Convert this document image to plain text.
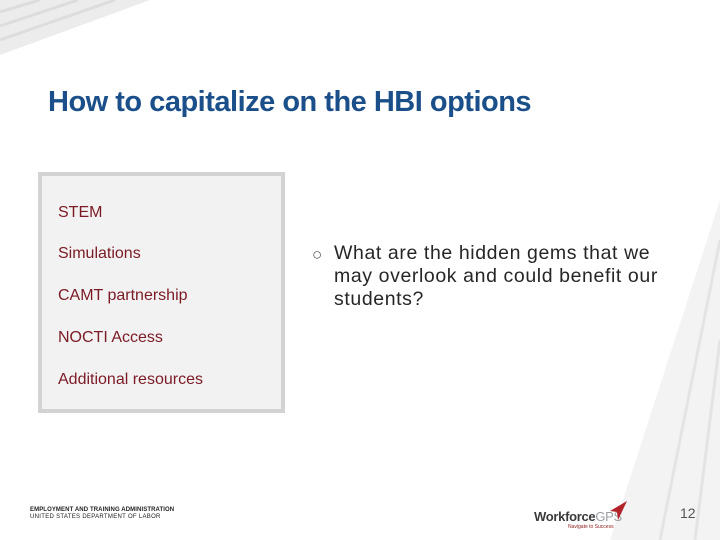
How to capitalize on the HBI options

STEM

Simulations

CAMT partnership

NOCTI Access

Additional resources

○ What are the hidden gems that we may overlook and could benefit our students?
EMPLOYMENT AND TRAINING ADMINISTRATION
UNITED STATES DEPARTMENT OF LABOR	WorkforceGPS
Navigate to Success
12
